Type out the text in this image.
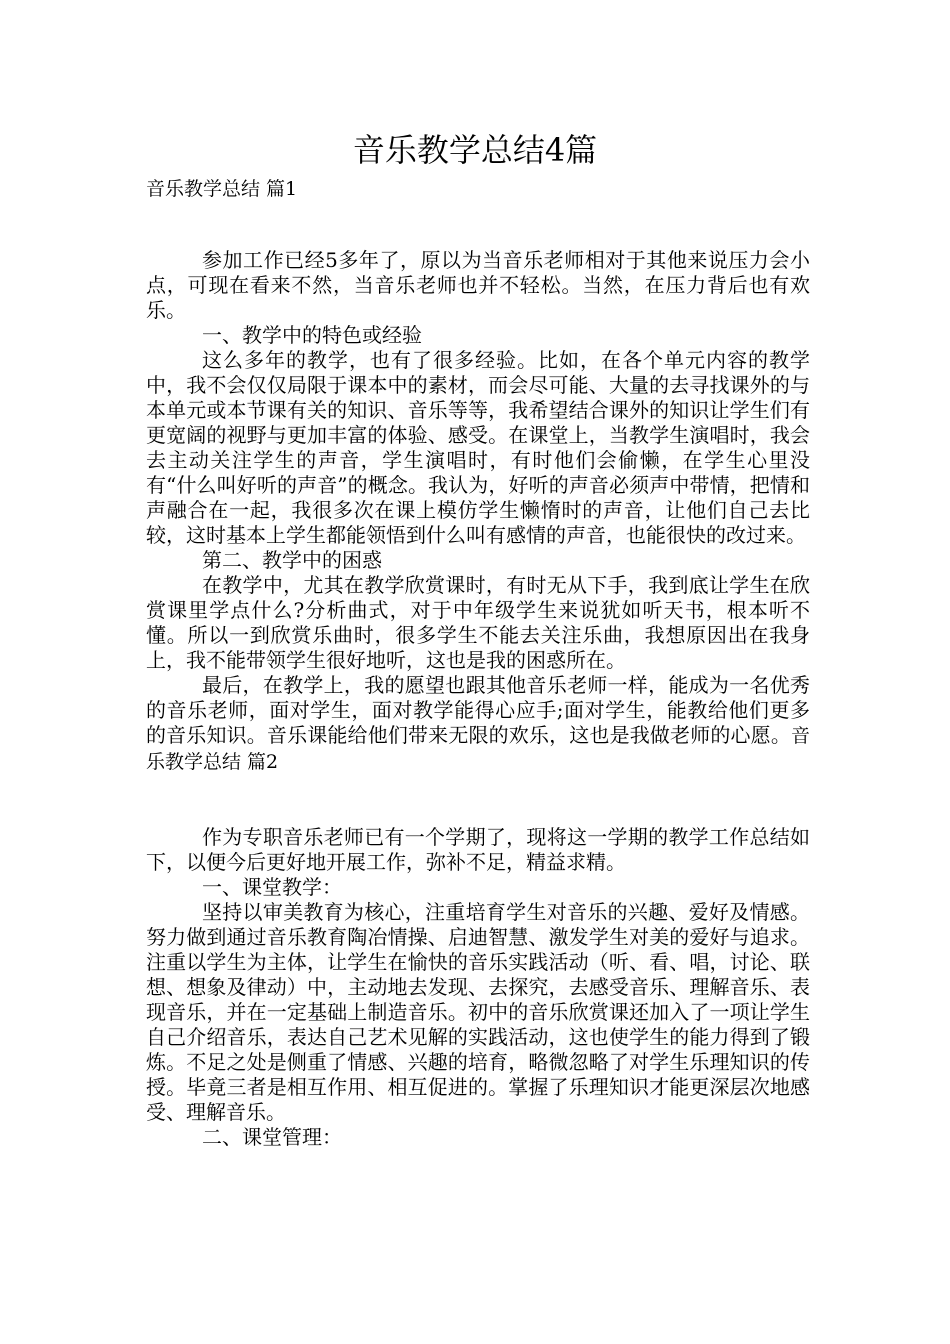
音乐教学总结4篇
音乐教学总结 篇1

参加工作已经5多年了，原以为当音乐老师相对于其他来说压力会小点，可现在看来不然，当音乐老师也并不轻松。当然，在压力背后也有欢乐。

一、教学中的特色或经验

这么多年的教学，也有了很多经验。比如，在各个单元内容的教学中，我不会仅仅局限于课本中的素材，而会尽可能、大量的去寻找课外的与本单元或本节课有关的知识、音乐等等，我希望结合课外的知识让学生们有更宽阔的视野与更加丰富的体验、感受。在课堂上，当教学生演唱时，我会去主动关注学生的声音，学生演唱时，有时他们会偷懒，在学生心里没有“什么叫好听的声音”的概念。我认为，好听的声音必须声中带情，把情和声融合在一起，我很多次在课上模仿学生懒惰时的声音，让他们自己去比较，这时基本上学生都能领悟到什么叫有感情的声音，也能很快的改过来。

第二、教学中的困惑

在教学中，尤其在教学欣赏课时，有时无从下手，我到底让学生在欣赏课里学点什么?分析曲式，对于中年级学生来说犹如听天书，根本听不懂。所以一到欣赏乐曲时，很多学生不能去关注乐曲，我想原因出在我身上，我不能带领学生很好地听，这也是我的困惑所在。

最后，在教学上，我的愿望也跟其他音乐老师一样，能成为一名优秀的音乐老师，面对学生，面对教学能得心应手;面对学生，能教给他们更多的音乐知识。音乐课能给他们带来无限的欢乐，这也是我做老师的心愿。音乐教学总结 篇2

作为专职音乐老师已有一个学期了，现将这一学期的教学工作总结如下，以便今后更好地开展工作，弥补不足，精益求精。

一、课堂教学：

坚持以审美教育为核心，注重培育学生对音乐的兴趣、爱好及情感。努力做到通过音乐教育陶冶情操、启迪智慧、激发学生对美的爱好与追求。注重以学生为主体，让学生在愉快的音乐实践活动（听、看、唱，讨论、联想、想象及律动）中，主动地去发现、去探究，去感受音乐、理解音乐、表现音乐，并在一定基础上制造音乐。初中的音乐欣赏课还加入了一项让学生自己介绍音乐，表达自己艺术见解的实践活动，这也使学生的能力得到了锻炼。不足之处是侧重了情感、兴趣的培育，略微忽略了对学生乐理知识的传授。毕竟三者是相互作用、相互促进的。掌握了乐理知识才能更深层次地感受、理解音乐。

二、课堂管理：
